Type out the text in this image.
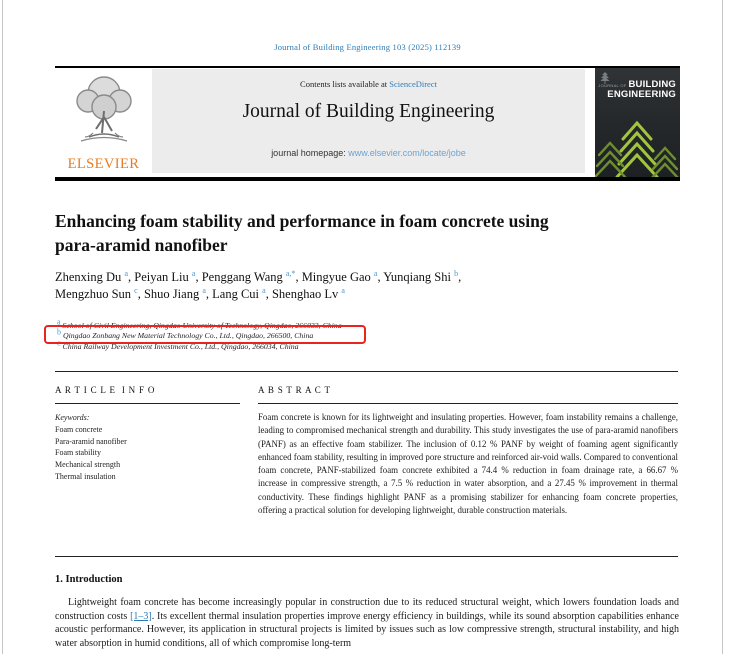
Journal of Building Engineering 103 (2025) 112139
ELSEVIER
Contents lists available at ScienceDirect
Journal of Building Engineering
journal homepage: www.elsevier.com/locate/jobe
JOURNAL OF BUILDING
ENGINEERING
Enhancing foam stability and performance in foam concrete using
para-aramid nanofiber
Zhenxing Du $^a$, Peiyan Liu $^a$, Penggang Wang $^{a,*}$, Mingyue Gao $^a$, Yunqiang Shi $^b$,
Mengzhuo Sun $^c$, Shuo Jiang $^a$, Lang Cui $^a$, Shenghao Lv $^a$
$^a$ School of Civil Engineering, Qingdao University of Technology, Qingdao, 266033, China
$^b$ Qingdao Zonbang New Material Technology Co., Ltd., Qingdao, 266500, China
$^c$ China Railway Development Investment Co., Ltd., Qingdao, 266034, China
A R T I C L E  I N F O	A B S T R A C T
Keywords:
Foam concrete
Para-aramid nanofiber
Foam stability
Mechanical strength
Thermal insulation
Foam concrete is known for its lightweight and insulating properties. However, foam instability remains a challenge, leading to compromised mechanical strength and durability. This study investigates the use of para-aramid nanofibers (PANF) as an effective foam stabilizer. The inclusion of 0.12 % PANF by weight of foaming agent significantly enhanced foam stability, resulting in improved pore structure and reinforced air-void walls. Compared to conventional foam concrete, PANF-stabilized foam concrete exhibited a 74.4 % reduction in foam drainage rate, a 66.67 % increase in compressive strength, a 7.5 % reduction in water absorption, and a 27.45 % improvement in thermal conductivity. These findings highlight PANF as a promising stabilizer for enhancing foam concrete properties, offering a practical solution for developing lightweight, durable construction materials.
1. Introduction

Lightweight foam concrete has become increasingly popular in construction due to its reduced structural weight, which lowers foundation loads and construction costs [1–3]. Its excellent thermal insulation properties improve energy efficiency in buildings, while its sound absorption capabilities enhance acoustic performance. However, its application in structural projects is limited by issues such as low compressive strength, structural instability, and high water absorption in humid conditions, all of which compromise long-term
